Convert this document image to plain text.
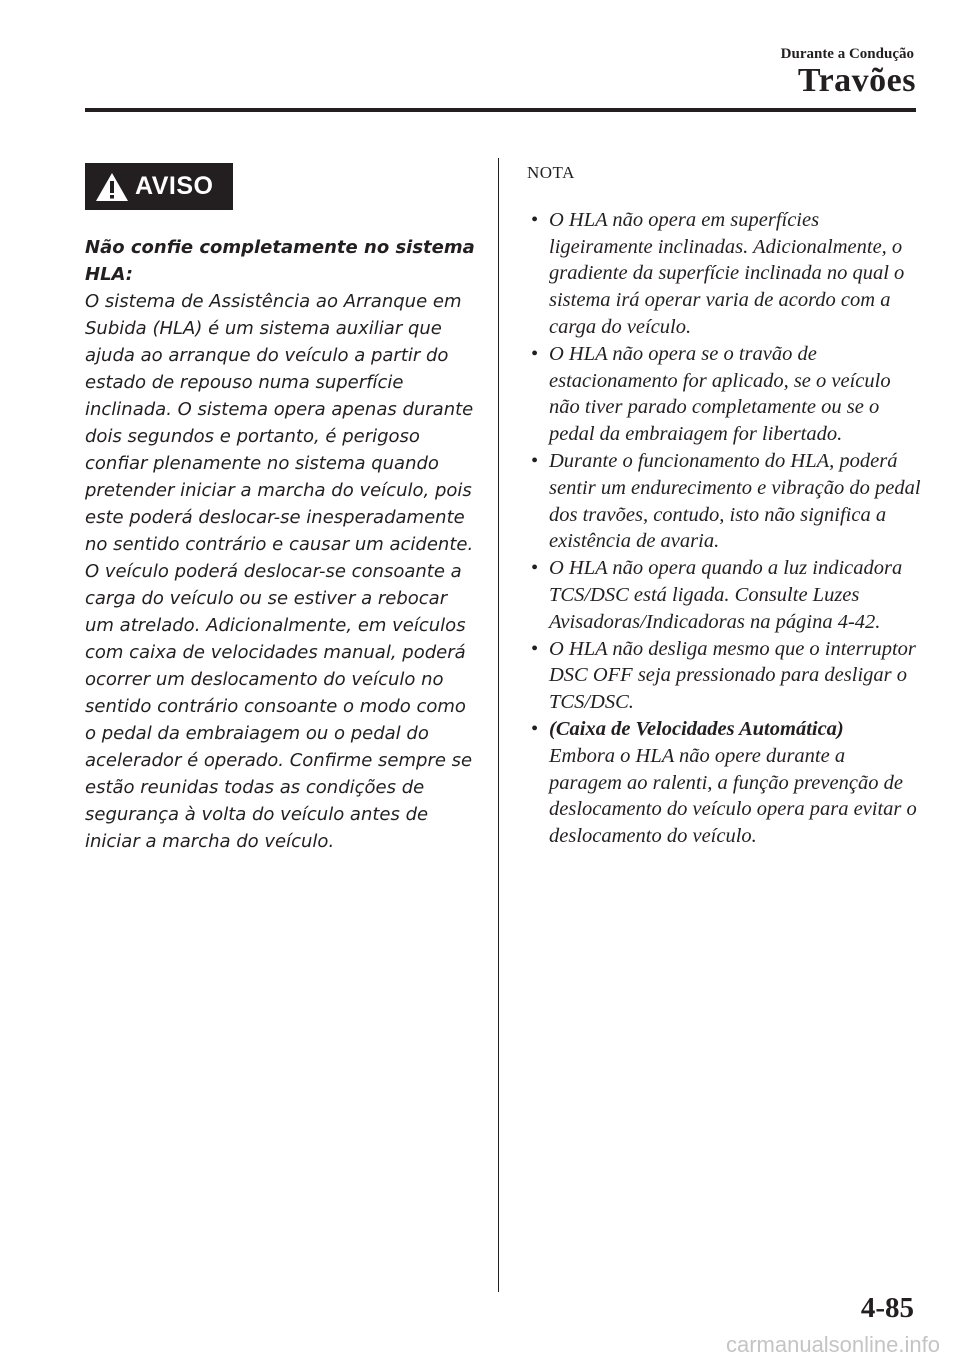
Durante a Condução
Travões
AVISO

Não confie completamente no sistema HLA:

O sistema de Assistência ao Arranque em Subida (HLA) é um sistema auxiliar que ajuda ao arranque do veículo a partir do estado de repouso numa superfície inclinada. O sistema opera apenas durante dois segundos e portanto, é perigoso confiar plenamente no sistema quando pretender iniciar a marcha do veículo, pois este poderá deslocar-se inesperadamente no sentido contrário e causar um acidente. O veículo poderá deslocar-se consoante a carga do veículo ou se estiver a rebocar um atrelado. Adicionalmente, em veículos com caixa de velocidades manual, poderá ocorrer um deslocamento do veículo no sentido contrário consoante o modo como o pedal da embraiagem ou o pedal do acelerador é operado. Confirme sempre se estão reunidas todas as condições de segurança à volta do veículo antes de iniciar a marcha do veículo.

NOTA
• O HLA não opera em superfícies ligeiramente inclinadas. Adicionalmente, o gradiente da superfície inclinada no qual o sistema irá operar varia de acordo com a carga do veículo.
• O HLA não opera se o travão de estacionamento for aplicado, se o veículo não tiver parado completamente ou se o pedal da embraiagem for libertado.
• Durante o funcionamento do HLA, poderá sentir um endurecimento e vibração do pedal dos travões, contudo, isto não significa a existência de avaria.
• O HLA não opera quando a luz indicadora TCS/DSC está ligada. Consulte Luzes Avisadoras/Indicadoras na página 4-42.
• O HLA não desliga mesmo que o interruptor DSC OFF seja pressionado para desligar o TCS/DSC.
• (Caixa de Velocidades Automática)
Embora o HLA não opere durante a paragem ao ralenti, a função prevenção de deslocamento do veículo opera para evitar o deslocamento do veículo.
4-85
carmanualsonline.info
